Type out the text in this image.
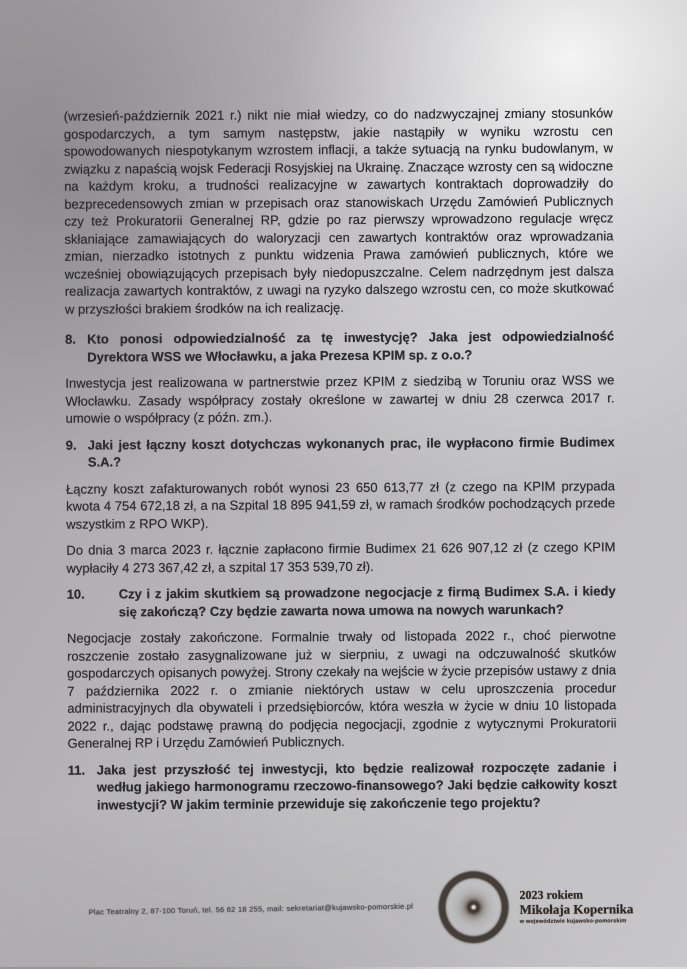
(wrzesień-październik 2021 r.) nikt nie miał wiedzy, co do nadzwyczajnej zmiany stosunków gospodarczych, a tym samym następstw, jakie nastąpiły w wyniku wzrostu cen spowodowanych niespotykanym wzrostem inflacji, a także sytuacją na rynku budowlanym, w związku z napaścią wojsk Federacji Rosyjskiej na Ukrainę. Znaczące wzrosty cen są widoczne na każdym kroku, a trudności realizacyjne w zawartych kontraktach doprowadziły do bezprecedensowych zmian w przepisach oraz stanowiskach Urzędu Zamówień Publicznych czy też Prokuratorii Generalnej RP, gdzie po raz pierwszy wprowadzono regulacje wręcz skłaniające zamawiających do waloryzacji cen zawartych kontraktów oraz wprowadzania zmian, nierzadko istotnych z punktu widzenia Prawa zamówień publicznych, które we wcześniej obowiązujących przepisach były niedopuszczalne. Celem nadrzędnym jest dalsza realizacja zawartych kontraktów, z uwagi na ryzyko dalszego wzrostu cen, co może skutkować w przyszłości brakiem środków na ich realizację.

8. Kto ponosi odpowiedzialność za tę inwestycję? Jaka jest odpowiedzialność Dyrektora WSS we Włocławku, a jaka Prezesa KPIM sp. z o.o.?

Inwestycja jest realizowana w partnerstwie przez KPIM z siedzibą w Toruniu oraz WSS we Włocławku. Zasady współpracy zostały określone w zawartej w dniu 28 czerwca 2017 r. umowie o współpracy (z późn. zm.).

9. Jaki jest łączny koszt dotychczas wykonanych prac, ile wypłacono firmie Budimex S.A.?

Łączny koszt zafakturowanych robót wynosi 23 650 613,77 zł (z czego na KPIM przypada kwota 4 754 672,18 zł, a na Szpital 18 895 941,59 zł, w ramach środków pochodzących przede wszystkim z RPO WKP).

Do dnia 3 marca 2023 r. łącznie zapłacono firmie Budimex 21 626 907,12 zł (z czego KPIM wypłaciły 4 273 367,42 zł, a szpital 17 353 539,70 zł).

10.	Czy i z jakim skutkiem są prowadzone negocjacje z firmą Budimex S.A. i kiedy się zakończą? Czy będzie zawarta nowa umowa na nowych warunkach?

Negocjacje zostały zakończone. Formalnie trwały od listopada 2022 r., choć pierwotne roszczenie zostało zasygnalizowane już w sierpniu, z uwagi na odczuwalność skutków gospodarczych opisanych powyżej. Strony czekały na wejście w życie przepisów ustawy z dnia 7 października 2022 r. o zmianie niektórych ustaw w celu uproszczenia procedur administracyjnych dla obywateli i przedsiębiorców, która weszła w życie w dniu 10 listopada 2022 r., dając podstawę prawną do podjęcia negocjacji, zgodnie z wytycznymi Prokuratorii Generalnej RP i Urzędu Zamówień Publicznych.

11. Jaka jest przyszłość tej inwestycji, kto będzie realizował rozpoczęte zadanie i według jakiego harmonogramu rzeczowo-finansowego? Jaki będzie całkowity koszt inwestycji? W jakim terminie przewiduje się zakończenie tego projektu?
Plac Teatralny 2, 87-100 Toruń, tel. 56 62 18 255, mail: sekretariat@kujawsko-pomorskie.pl
2023 rokiem
Mikołaja Kopernika
w województwie kujawsko-pomorskim
